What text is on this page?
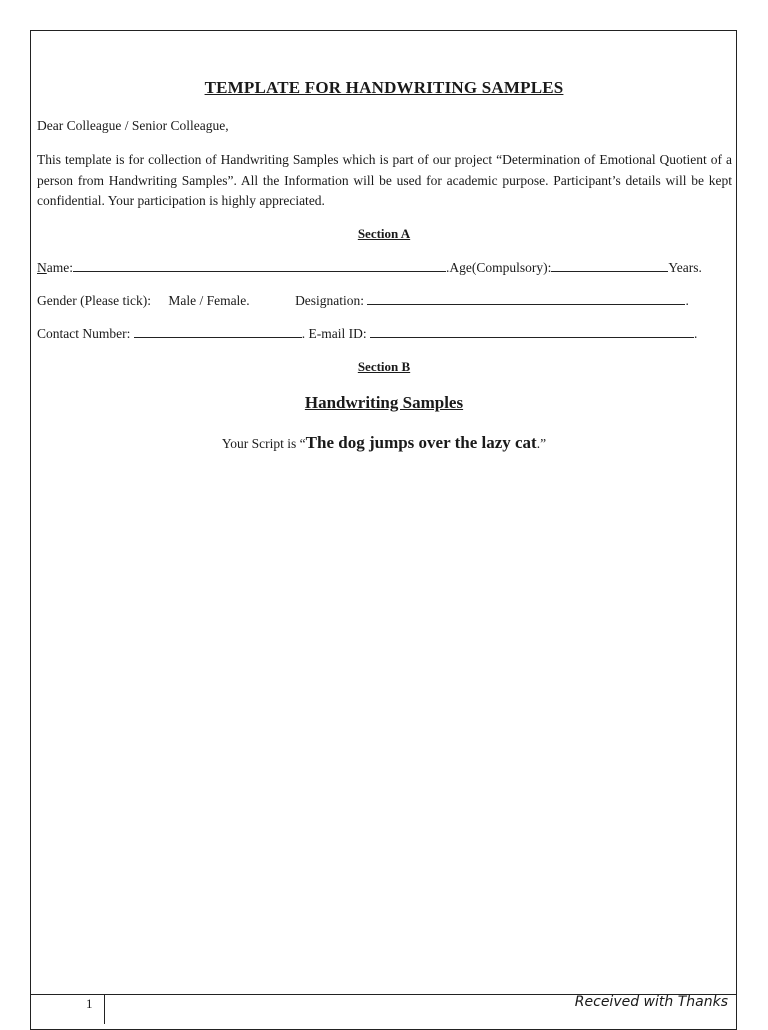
TEMPLATE FOR HANDWRITING SAMPLES
Dear Colleague / Senior Colleague,
This template is for collection of Handwriting Samples which is part of our project “Determination of Emotional Quotient of a person from Handwriting Samples”. All the Information will be used for academic purpose. Participant’s details will be kept confidential. Your participation is highly appreciated.
Section A
Name:	.Age(Compulsory):	Years.
Gender (Please tick): Male / Female.	Designation:	.
Contact Number:	. E-mail ID:	.
Section B
Handwriting Samples
Your Script is “The dog jumps over the lazy cat.”
1	Received with Thanks
